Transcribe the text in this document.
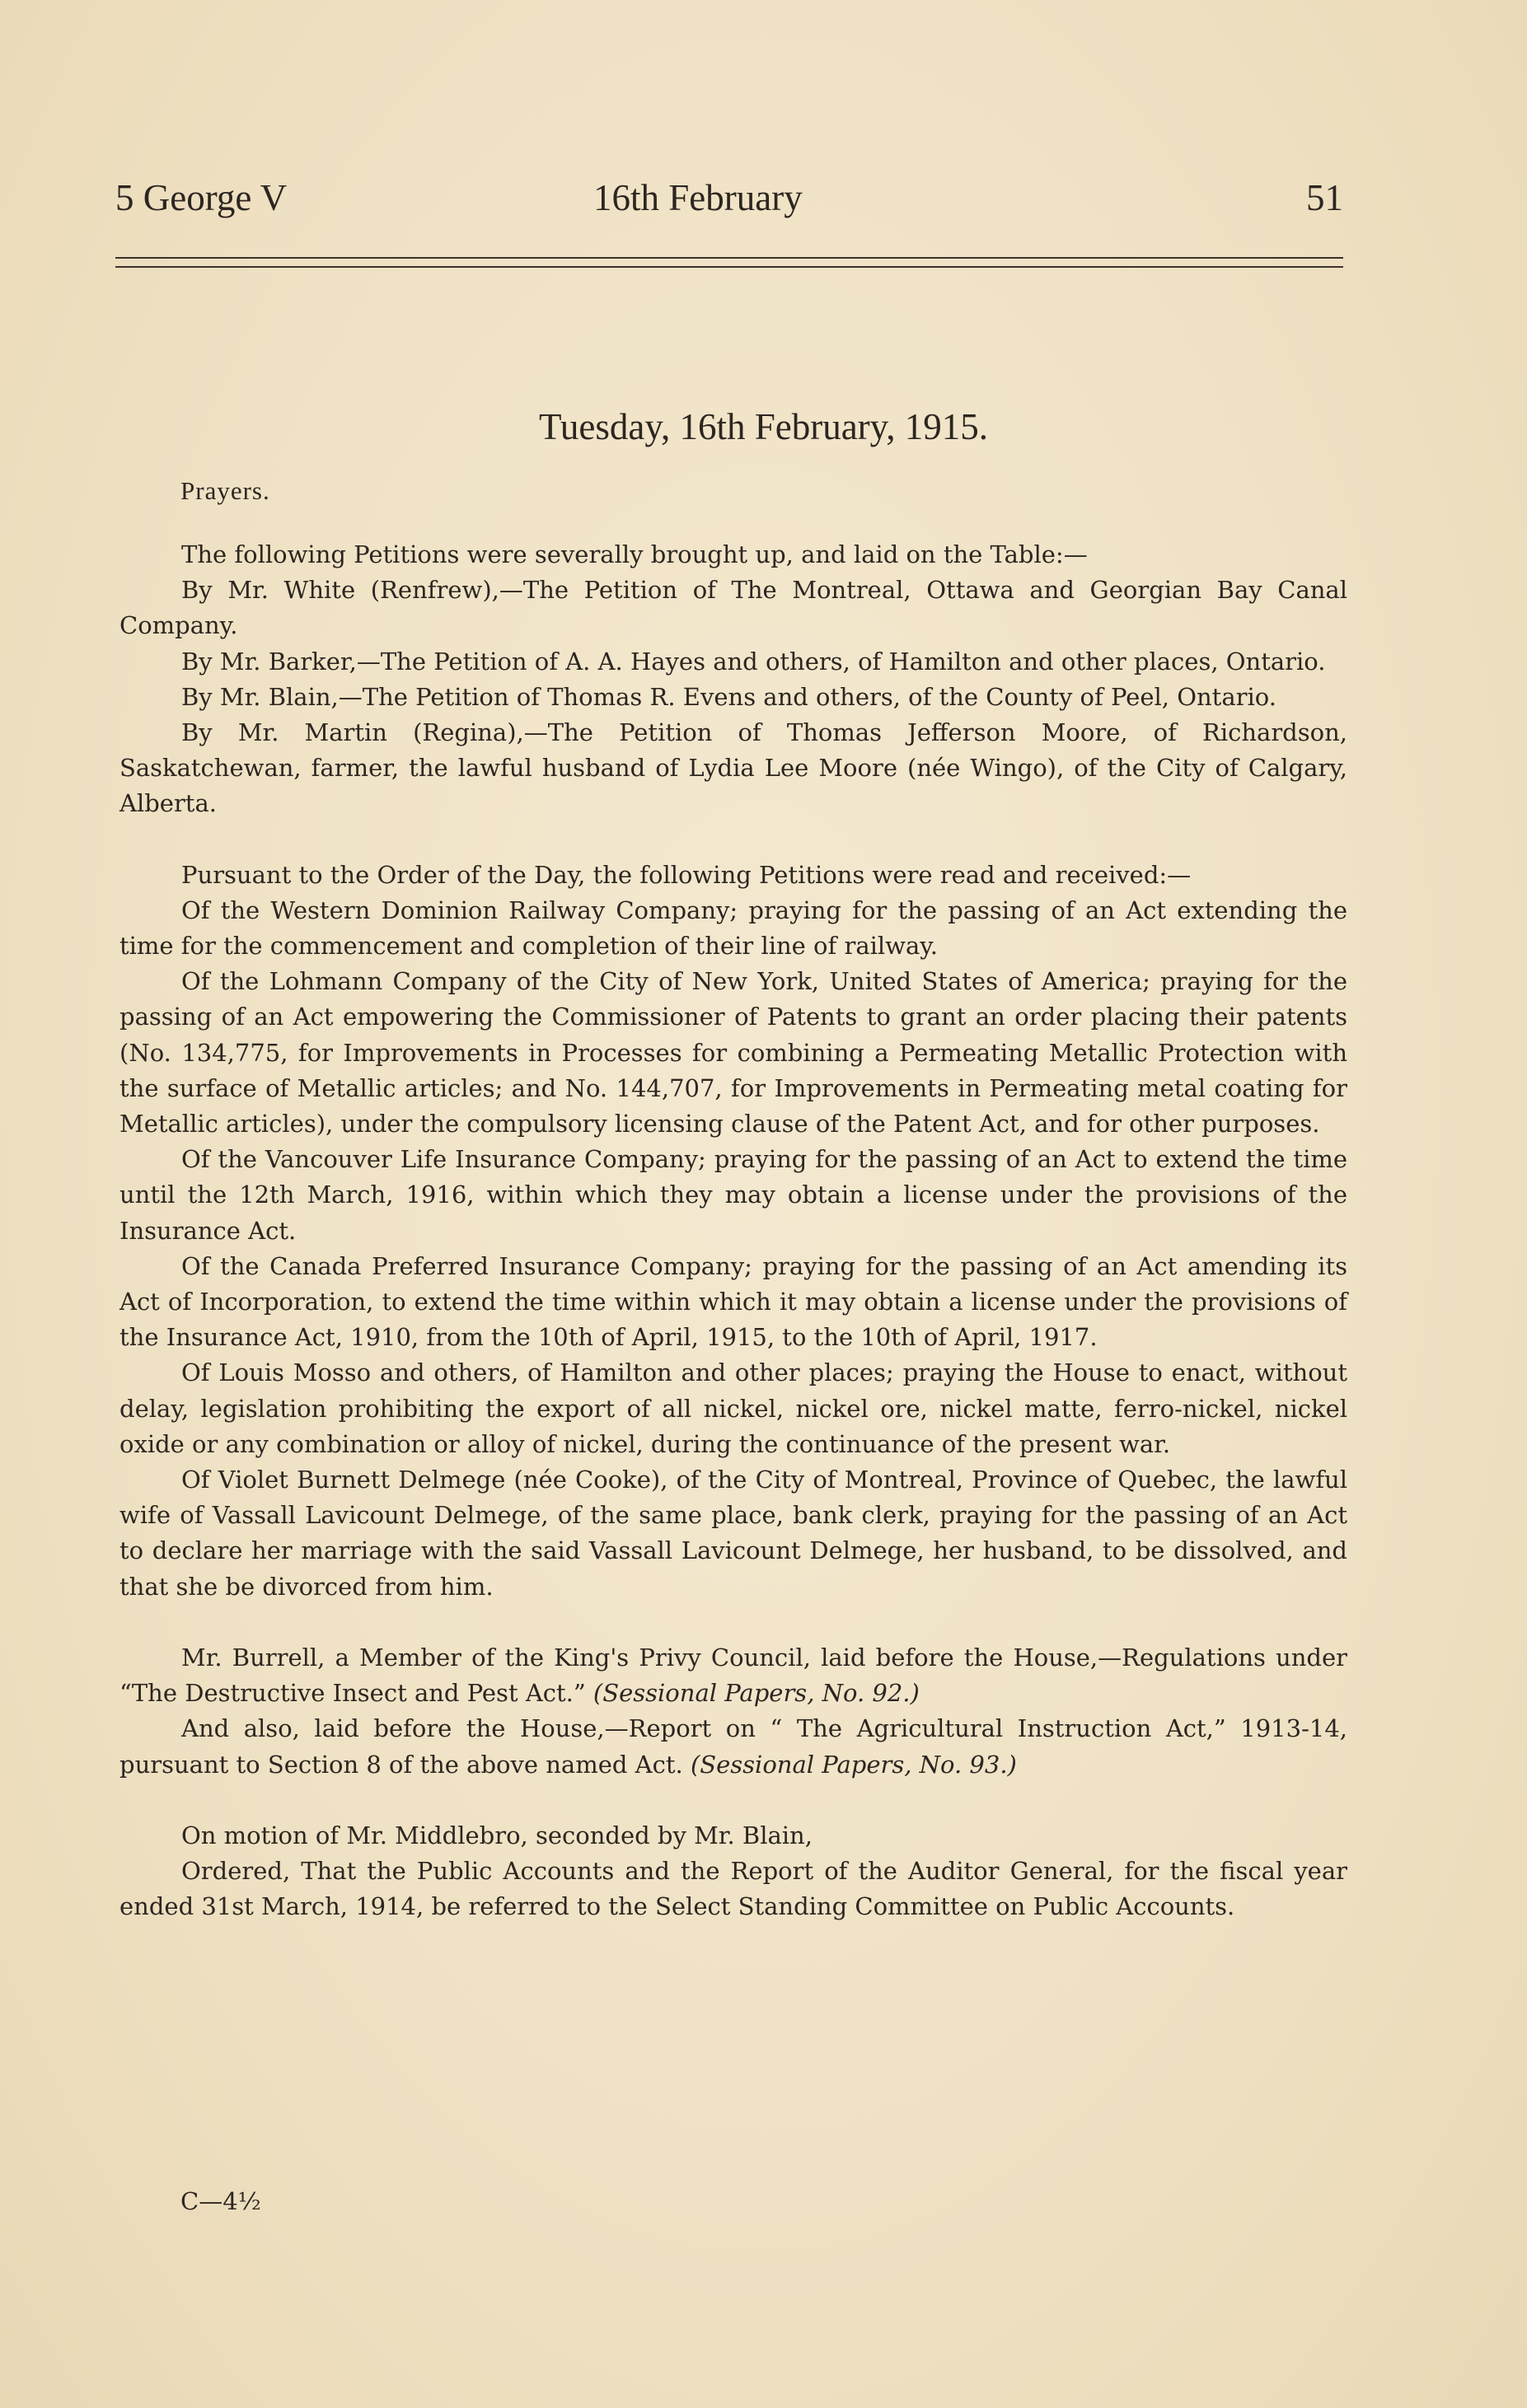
5 George V	16th February	51
Tuesday, 16th February, 1915.
Prayers.

The following Petitions were severally brought up, and laid on the Table:—

By Mr. White (Renfrew),—The Petition of The Montreal, Ottawa and Georgian Bay Canal Company.

By Mr. Barker,—The Petition of A. A. Hayes and others, of Hamilton and other places, Ontario.

By Mr. Blain,—The Petition of Thomas R. Evens and others, of the County of Peel, Ontario.

By Mr. Martin (Regina),—The Petition of Thomas Jefferson Moore, of Richardson, Saskatchewan, farmer, the lawful husband of Lydia Lee Moore (née Wingo), of the City of Calgary, Alberta.

Pursuant to the Order of the Day, the following Petitions were read and received:—

Of the Western Dominion Railway Company; praying for the passing of an Act extending the time for the commencement and completion of their line of railway.

Of the Lohmann Company of the City of New York, United States of America; praying for the passing of an Act empowering the Commissioner of Patents to grant an order placing their patents (No. 134,775, for Improvements in Processes for combining a Permeating Metallic Protection with the surface of Metallic articles; and No. 144,707, for Improvements in Permeating metal coating for Metallic articles), under the compulsory licensing clause of the Patent Act, and for other purposes.

Of the Vancouver Life Insurance Company; praying for the passing of an Act to extend the time until the 12th March, 1916, within which they may obtain a license under the provisions of the Insurance Act.

Of the Canada Preferred Insurance Company; praying for the passing of an Act amending its Act of Incorporation, to extend the time within which it may obtain a license under the provisions of the Insurance Act, 1910, from the 10th of April, 1915, to the 10th of April, 1917.

Of Louis Mosso and others, of Hamilton and other places; praying the House to enact, without delay, legislation prohibiting the export of all nickel, nickel ore, nickel matte, ferro-nickel, nickel oxide or any combination or alloy of nickel, during the continuance of the present war.

Of Violet Burnett Delmege (née Cooke), of the City of Montreal, Province of Quebec, the lawful wife of Vassall Lavicount Delmege, of the same place, bank clerk, praying for the passing of an Act to declare her marriage with the said Vassall Lavicount Delmege, her husband, to be dissolved, and that she be divorced from him.

Mr. Burrell, a Member of the King's Privy Council, laid before the House,—Regulations under “The Destructive Insect and Pest Act.” (Sessional Papers, No. 92.)

And also, laid before the House,—Report on “ The Agricultural Instruction Act,” 1913-14, pursuant to Section 8 of the above named Act. (Sessional Papers, No. 93.)

On motion of Mr. Middlebro, seconded by Mr. Blain,

Ordered, That the Public Accounts and the Report of the Auditor General, for the fiscal year ended 31st March, 1914, be referred to the Select Standing Committee on Public Accounts.

C—4½
